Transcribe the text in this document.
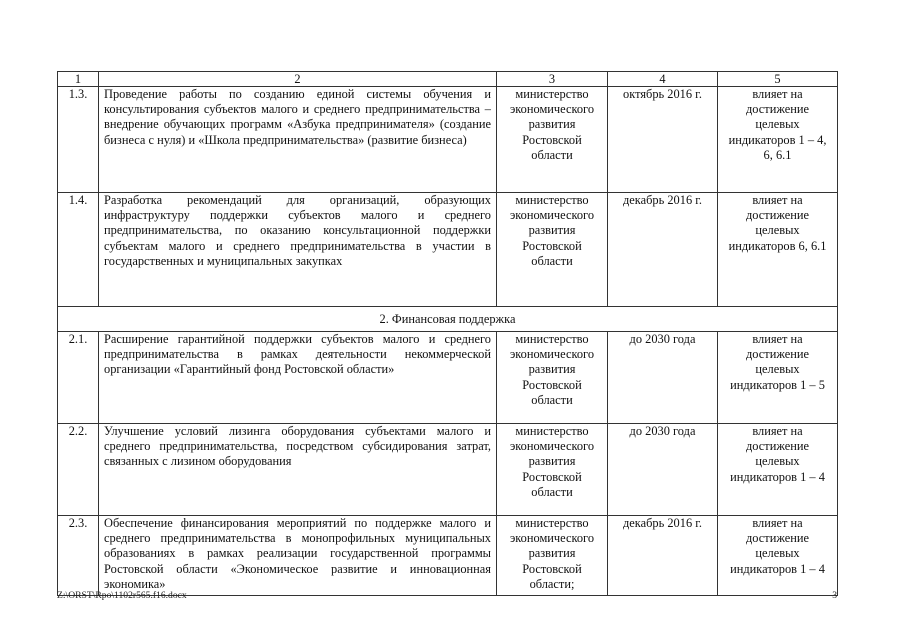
1	2	3	4	5
1.3.	Проведение работы по созданию единой системы обучения и консультирования субъектов малого и среднего предпринимательства – внедрение обучающих программ «Азбука предпринимателя» (создание бизнеса с нуля) и «Школа предпринимательства» (развитие бизнеса)	министерство экономического развития Ростовской области	октябрь 2016 г.	влияет на достижение целевых индикаторов 1 – 4, 6, 6.1
1.4.	Разработка рекомендаций для организаций, образующих инфраструктуру поддержки субъектов малого и среднего предпринимательства, по оказанию консультационной поддержки субъектам малого и среднего предпринимательства в участии в государственных и муниципальных закупках	министерство экономического развития Ростовской области	декабрь 2016 г.	влияет на достижение целевых индикаторов 6, 6.1
2. Финансовая поддержка				
2.1.	Расширение гарантийной поддержки субъектов малого и среднего предпринимательства в рамках деятельности некоммерческой организации «Гарантийный фонд Ростовской области»	министерство экономического развития Ростовской области	до 2030 года	влияет на достижение целевых индикаторов 1 – 5
2.2.	Улучшение условий лизинга оборудования субъектами малого и среднего предпринимательства, посредством субсидирования затрат, связанных с лизином оборудования	министерство экономического развития Ростовской области	до 2030 года	влияет на достижение целевых индикаторов 1 – 4
2.3.	Обеспечение финансирования мероприятий по поддержке малого и среднего предпринимательства в монопрофильных муниципальных образованиях в рамках реализации государственной программы Ростовской области «Экономическое развитие и инновационная экономика»	министерство экономического развития Ростовской области;	декабрь 2016 г.	влияет на достижение целевых индикаторов 1 – 4
Z:\ORST\Rpo\1102r565.f16.docx	3
